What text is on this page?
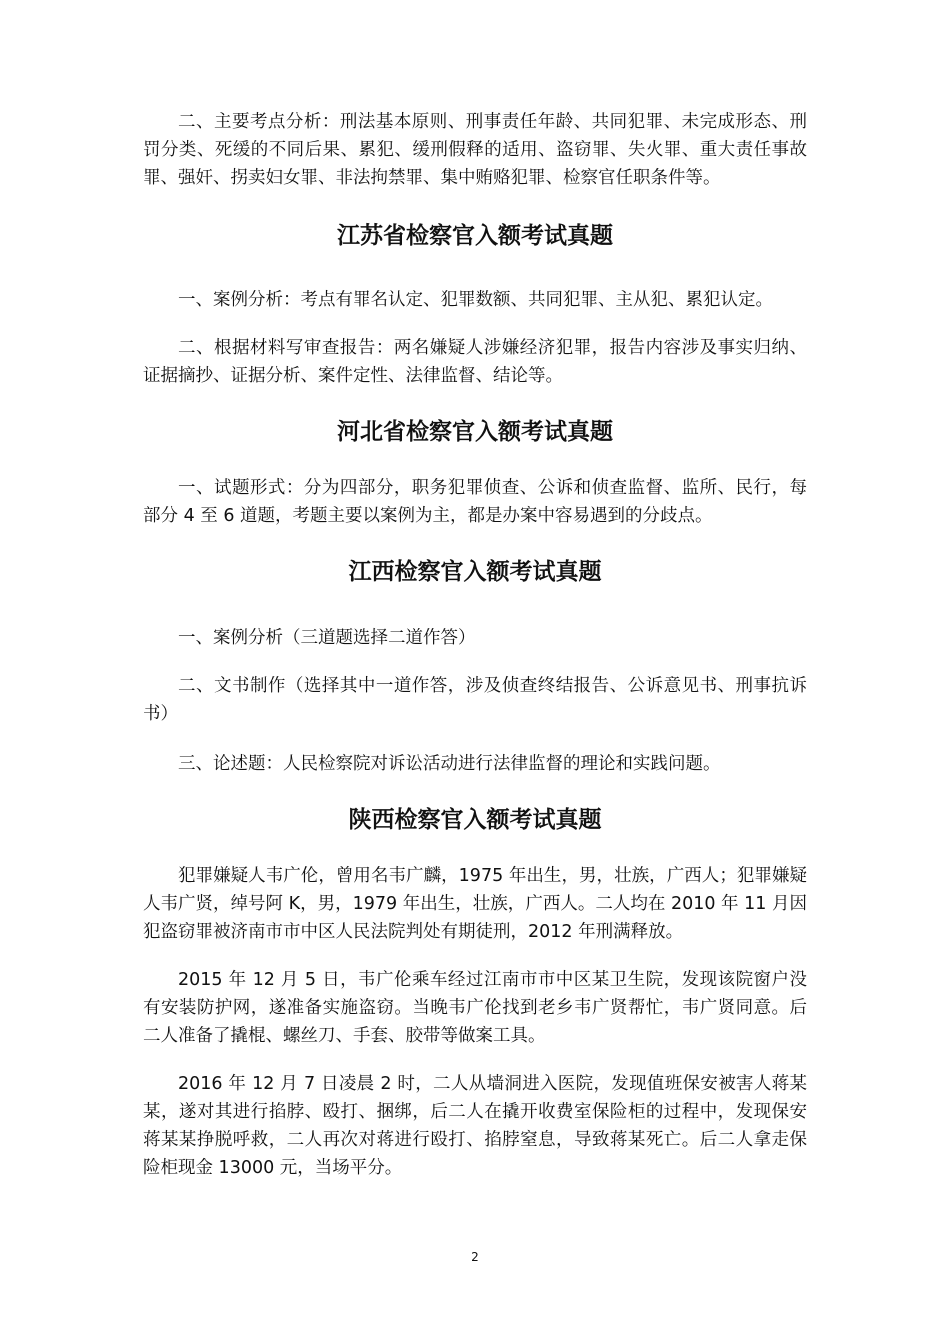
二、主要考点分析：刑法基本原则、刑事责任年龄、共同犯罪、未完成形态、刑罚分类、死缓的不同后果、累犯、缓刑假释的适用、盗窃罪、失火罪、重大责任事故罪、强奸、拐卖妇女罪、非法拘禁罪、集中贿赂犯罪、检察官任职条件等。

江苏省检察官入额考试真题

一、案例分析：考点有罪名认定、犯罪数额、共同犯罪、主从犯、累犯认定。

二、根据材料写审查报告：两名嫌疑人涉嫌经济犯罪，报告内容涉及事实归纳、证据摘抄、证据分析、案件定性、法律监督、结论等。

河北省检察官入额考试真题

一、试题形式：分为四部分，职务犯罪侦查、公诉和侦查监督、监所、民行，每部分 4 至 6 道题，考题主要以案例为主，都是办案中容易遇到的分歧点。

江西检察官入额考试真题

一、案例分析（三道题选择二道作答）

二、文书制作（选择其中一道作答，涉及侦查终结报告、公诉意见书、刑事抗诉书）

三、论述题：人民检察院对诉讼活动进行法律监督的理论和实践问题。

陕西检察官入额考试真题

犯罪嫌疑人韦广伦，曾用名韦广麟，1975 年出生，男，壮族，广西人；犯罪嫌疑人韦广贤，绰号阿 K，男，1979 年出生，壮族，广西人。二人均在 2010 年 11 月因犯盗窃罪被济南市市中区人民法院判处有期徒刑，2012 年刑满释放。

2015 年 12 月 5 日，韦广伦乘车经过江南市市中区某卫生院，发现该院窗户没有安装防护网，遂准备实施盗窃。当晚韦广伦找到老乡韦广贤帮忙，韦广贤同意。后二人准备了撬棍、螺丝刀、手套、胶带等做案工具。

2016 年 12 月 7 日凌晨 2 时，二人从墙洞进入医院，发现值班保安被害人蒋某某，遂对其进行掐脖、殴打、捆绑，后二人在撬开收费室保险柜的过程中，发现保安蒋某某挣脱呼救，二人再次对蒋进行殴打、掐脖窒息，导致蒋某死亡。后二人拿走保险柜现金 13000 元，当场平分。

2
